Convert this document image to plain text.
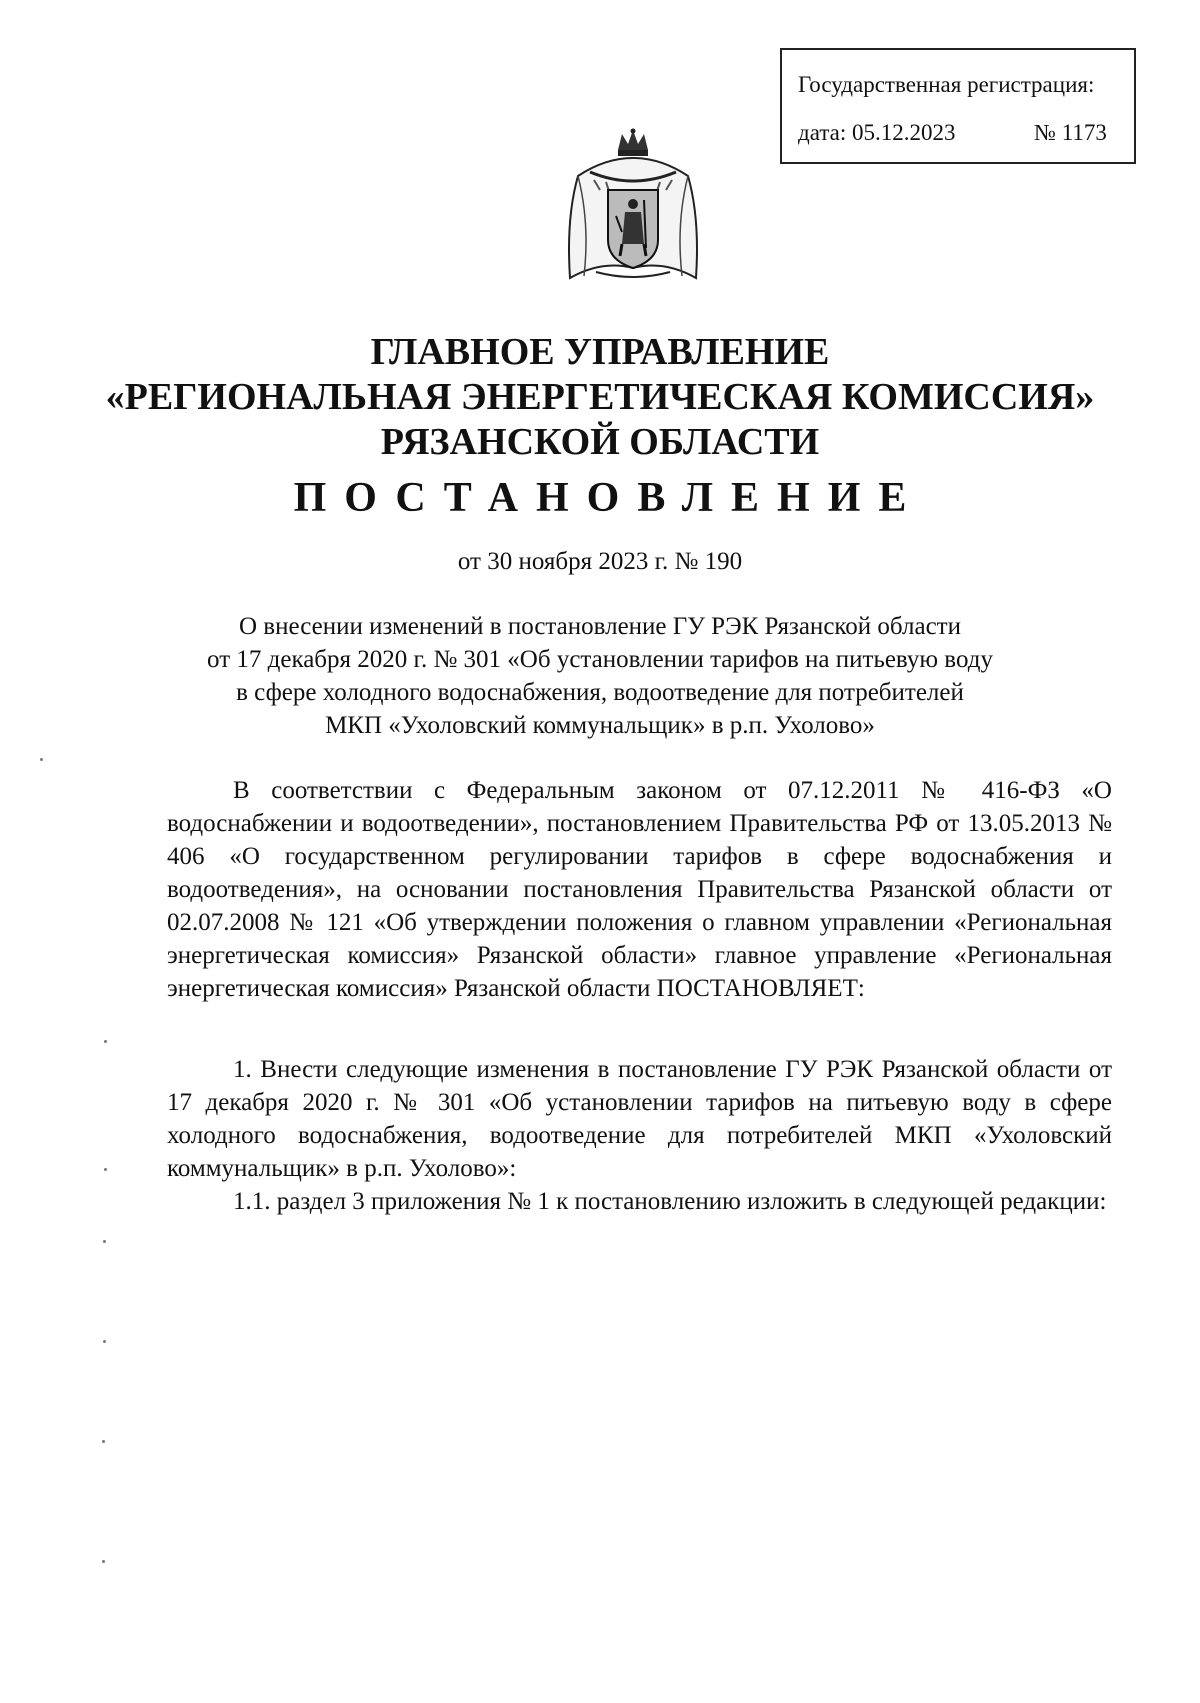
Государственная регистрация:
дата: 05.12.2023	№ 1173
ГЛАВНОЕ УПРАВЛЕНИЕ
«РЕГИОНАЛЬНАЯ ЭНЕРГЕТИЧЕСКАЯ КОМИССИЯ»
РЯЗАНСКОЙ ОБЛАСТИ
ПОСТАНОВЛЕНИЕ
от 30 ноября 2023 г. № 190
О внесении изменений в постановление ГУ РЭК Рязанской области
от 17 декабря 2020 г. № 301 «Об установлении тарифов на питьевую воду
в сфере холодного водоснабжения, водоотведение для потребителей
МКП «Ухоловский коммунальщик» в р.п. Ухолово»

В соответствии с Федеральным законом от 07.12.2011 № 416-ФЗ «О водоснабжении и водоотведении», постановлением Правительства РФ от 13.05.2013 № 406 «О государственном регулировании тарифов в сфере водоснабжения и водоотведения», на основании постановления Правительства Рязанской области от 02.07.2008 № 121 «Об утверждении положения о главном управлении «Региональная энергетическая комиссия» Рязанской области» главное управление «Региональная энергетическая комиссия» Рязанской области ПОСТАНОВЛЯЕТ:

1. Внести следующие изменения в постановление ГУ РЭК Рязанской области от 17 декабря 2020 г. № 301 «Об установлении тарифов на питьевую воду в сфере холодного водоснабжения, водоотведение для потребителей МКП «Ухоловский коммунальщик» в р.п. Ухолово»:

1.1. раздел 3 приложения № 1 к постановлению изложить в следующей редакции:
